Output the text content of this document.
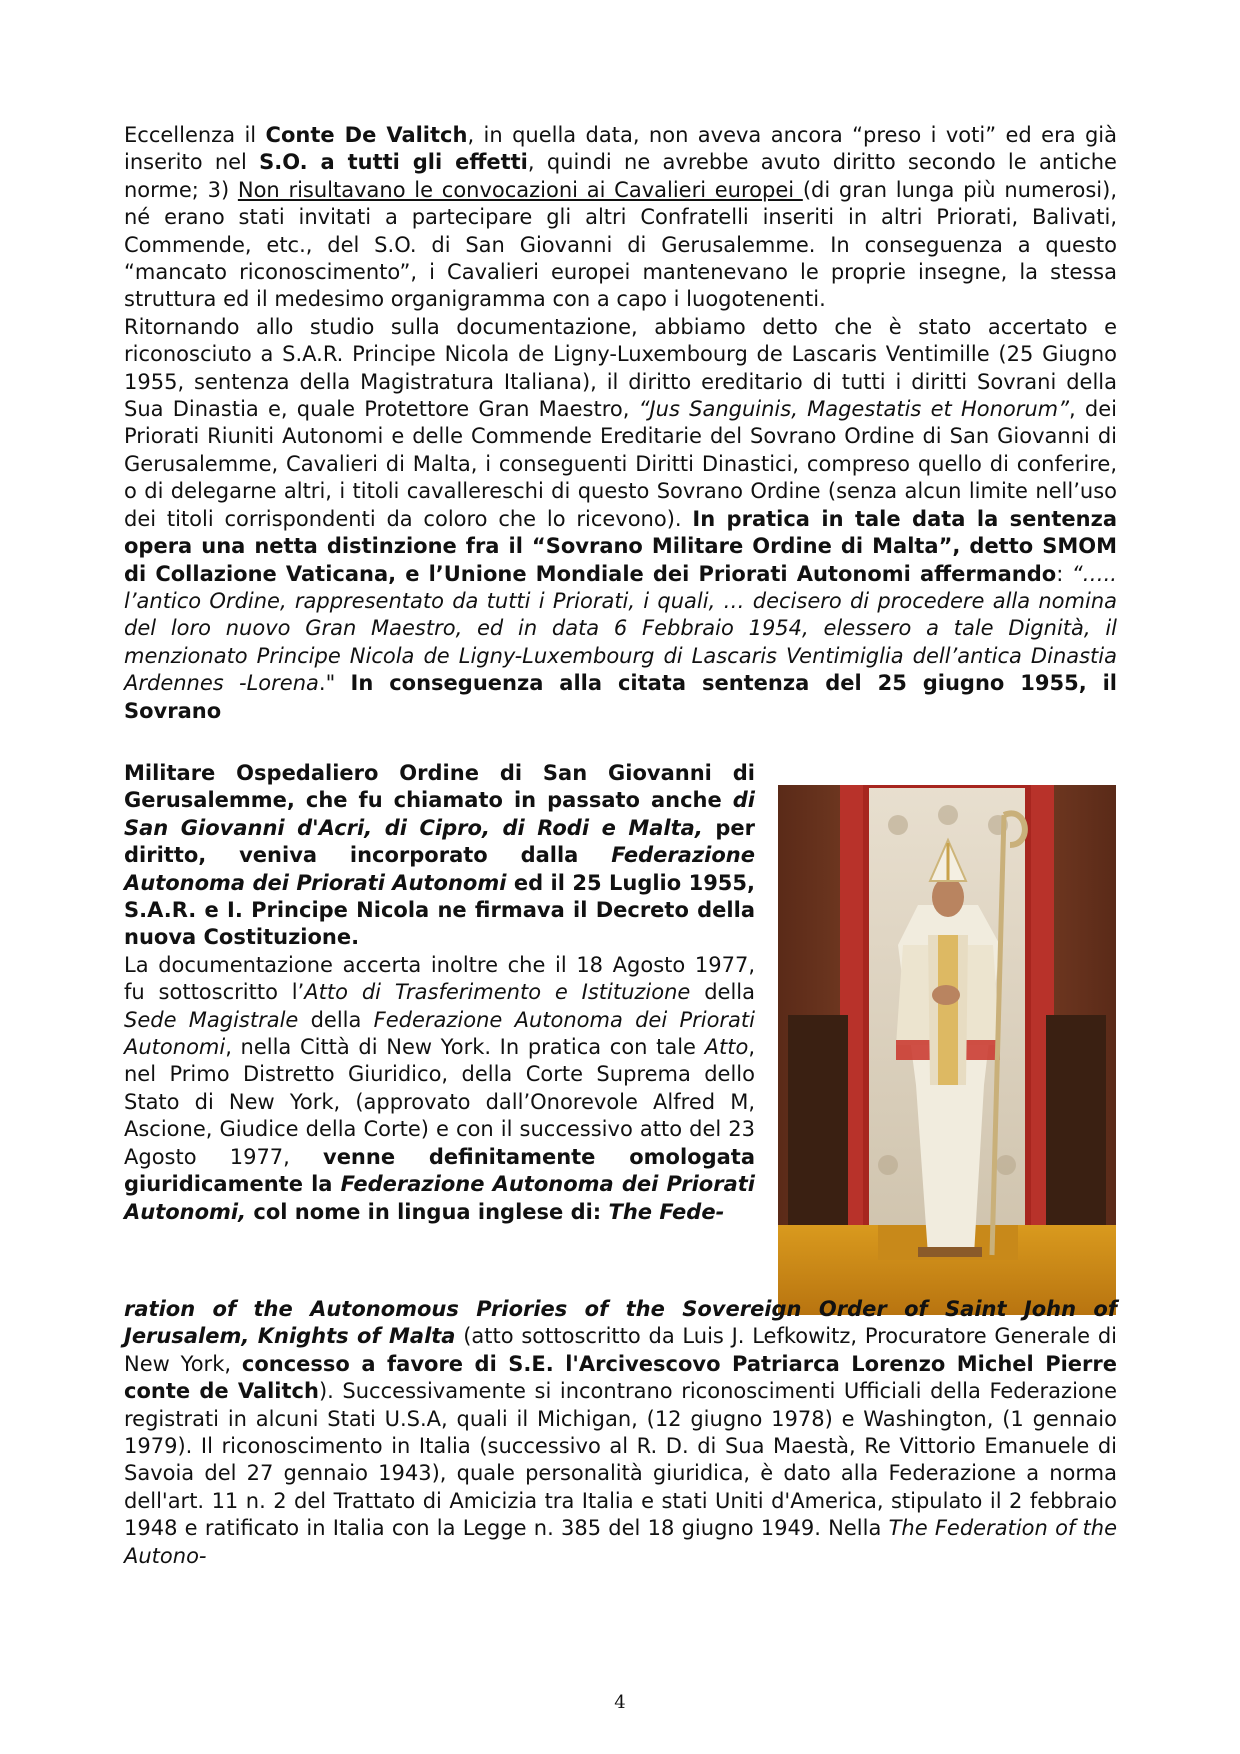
Eccellenza il Conte De Valitch, in quella data, non aveva ancora “preso i voti” ed era già inserito nel S.O. a tutti gli effetti, quindi ne avrebbe avuto diritto secondo le antiche norme; 3) Non risultavano le convocazioni ai Cavalieri europei (di gran lunga più numerosi), né erano stati invitati a partecipare gli altri Confratelli inseriti in altri Priorati, Balivati, Commende, etc., del S.O. di San Giovanni di Gerusalemme. In conseguenza a questo “mancato riconoscimento”, i Cavalieri europei mantenevano le proprie insegne, la stessa struttura ed il medesimo organigramma con a capo i luogotenenti.
Ritornando allo studio sulla documentazione, abbiamo detto che è stato accertato e riconosciuto a S.A.R. Principe Nicola de Ligny-Luxembourg de Lascaris Ventimille (25 Giugno 1955, sentenza della Magistratura Italiana), il diritto ereditario di tutti i diritti Sovrani della Sua Dinastia e, quale Protettore Gran Maestro, “Jus Sanguinis, Magestatis et Honorum”, dei Priorati Riuniti Autonomi e delle Commende Ereditarie del Sovrano Ordine di San Giovanni di Gerusalemme, Cavalieri di Malta, i conseguenti Diritti Dinastici, compreso quello di conferire, o di delegarne altri, i titoli cavallereschi di questo Sovrano Ordine (senza alcun limite nell’uso dei titoli corrispondenti da coloro che lo ricevono). In pratica in tale data la sentenza opera una netta distinzione fra il “Sovrano Militare Ordine di Malta”, detto SMOM di Collazione Vaticana, e l’Unione Mondiale dei Priorati Autonomi affermando: “….. l’antico Ordine, rappresentato da tutti i Priorati, i quali, … decisero di procedere alla nomina del loro nuovo Gran Maestro, ed in data 6 Febbraio 1954, elessero a tale Dignità, il menzionato Principe Nicola de Ligny-Luxembourg di Lascaris Ventimiglia dell’antica Dinastia Ardennes -Lorena." In conseguenza alla citata sentenza del 25 giugno 1955, il Sovrano
Militare Ospedaliero Ordine di San Giovanni di Gerusalemme, che fu chiamato in passato anche di San Giovanni d'Acri, di Cipro, di Rodi e Malta, per diritto, veniva incorporato dalla Federazione Autonoma dei Priorati Autonomi ed il 25 Luglio 1955, S.A.R. e I. Principe Nicola ne firmava il Decreto della nuova Costituzione.
La documentazione accerta inoltre che il 18 Agosto 1977, fu sottoscritto l’Atto di Trasferimento e Istituzione della Sede Magistrale della Federazione Autonoma dei Priorati Autonomi, nella Città di New York. In pratica con tale Atto, nel Primo Distretto Giuridico, della Corte Suprema dello Stato di New York, (approvato dall’Onorevole Alfred M, Ascione, Giudice della Corte) e con il successivo atto del 23 Agosto 1977, venne definitamente omologata giuridicamente la Federazione Autonoma dei Priorati Autonomi, col nome in lingua inglese di: The Fede-
ration of the Autonomous Priories of the Sovereign Order of Saint John of Jerusalem, Knights of Malta (atto sottoscritto da Luis J. Lefkowitz, Procuratore Generale di New York, concesso a favore di S.E. l'Arcivescovo Patriarca Lorenzo Michel Pierre conte de Valitch). Successivamente si incontrano riconoscimenti Ufficiali della Federazione registrati in alcuni Stati U.S.A, quali il Michigan, (12 giugno 1978) e Washington, (1 gennaio 1979). Il riconoscimento in Italia (successivo al R. D. di Sua Maestà, Re Vittorio Emanuele di Savoia del 27 gennaio 1943), quale personalità giuridica, è dato alla Federazione a norma dell'art. 11 n. 2 del Trattato di Amicizia tra Italia e stati Uniti d'America, stipulato il 2 febbraio 1948 e ratificato in Italia con la Legge n. 385 del 18 giugno 1949. Nella The Federation of the Autono-
4
